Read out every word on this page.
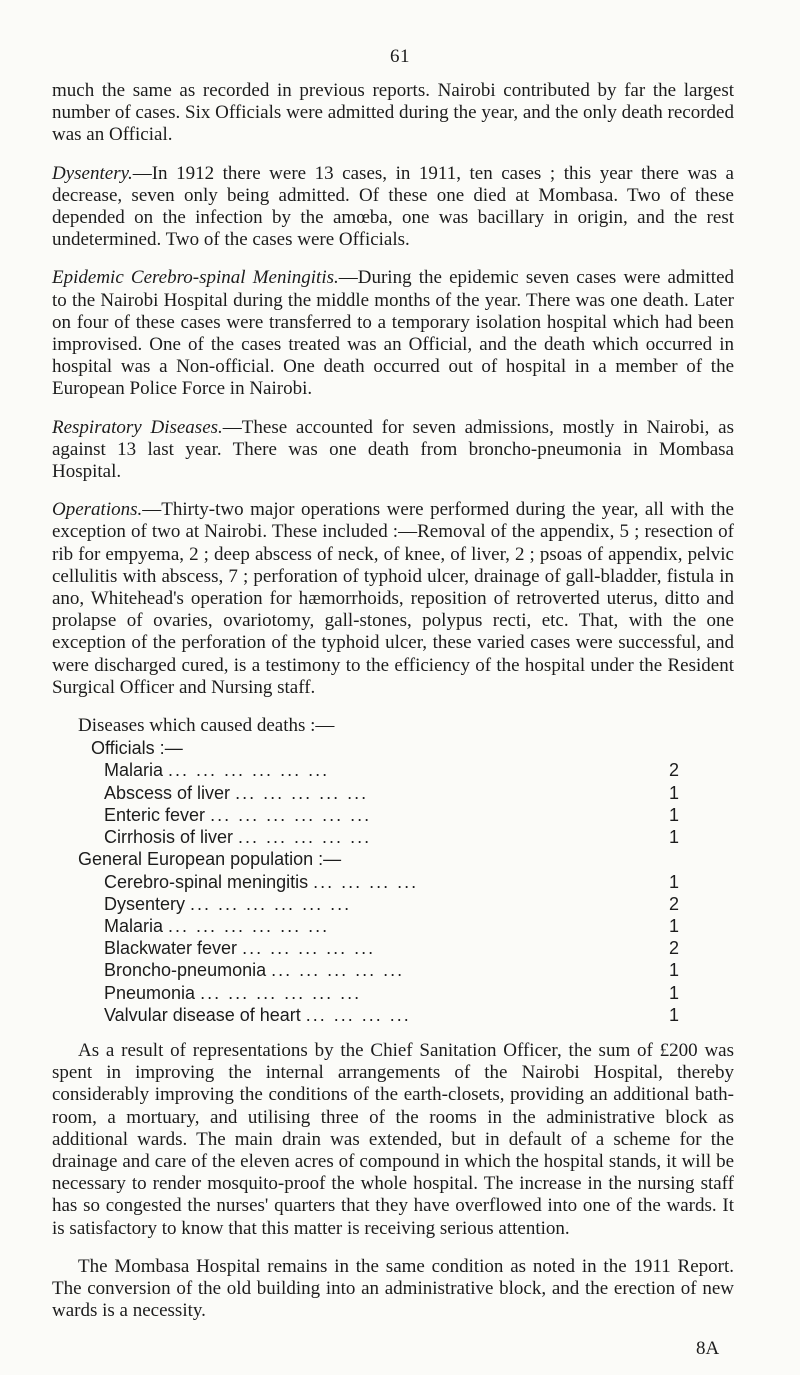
61

much the same as recorded in previous reports. Nairobi contributed by far the largest number of cases. Six Officials were admitted during the year, and the only death recorded was an Official.

Dysentery.—In 1912 there were 13 cases, in 1911, ten cases ; this year there was a decrease, seven only being admitted. Of these one died at Mombasa. Two of these depended on the infection by the amœba, one was bacillary in origin, and the rest undetermined. Two of the cases were Officials.

Epidemic Cerebro-spinal Meningitis.—During the epidemic seven cases were admitted to the Nairobi Hospital during the middle months of the year. There was one death. Later on four of these cases were transferred to a temporary isolation hospital which had been improvised. One of the cases treated was an Official, and the death which occurred in hospital was a Non-official. One death occurred out of hospital in a member of the European Police Force in Nairobi.

Respiratory Diseases.—These accounted for seven admissions, mostly in Nairobi, as against 13 last year. There was one death from broncho-pneumonia in Mombasa Hospital.

Operations.—Thirty-two major operations were performed during the year, all with the exception of two at Nairobi. These included :—Removal of the appendix, 5 ; resection of rib for empyema, 2 ; deep abscess of neck, of knee, of liver, 2 ; psoas of appendix, pelvic cellulitis with abscess, 7 ; perforation of typhoid ulcer, drainage of gall-bladder, fistula in ano, Whitehead's operation for hæmorrhoids, reposition of retroverted uterus, ditto and prolapse of ovaries, ovariotomy, gall-stones, polypus recti, etc. That, with the one exception of the perforation of the typhoid ulcer, these varied cases were successful, and were discharged cured, is a testimony to the efficiency of the hospital under the Resident Surgical Officer and Nursing staff.

Diseases which caused deaths :—
Officials :—	
Malaria ... ... ... ... ... ...	2
Abscess of liver ... ... ... ... ...	1
Enteric fever ... ... ... ... ... ...	1
Cirrhosis of liver ... ... ... ... ...	1
General European population :—	
Cerebro-spinal meningitis ... ... ... ...	1
Dysentery ... ... ... ... ... ...	2
Malaria ... ... ... ... ... ...	1
Blackwater fever ... ... ... ... ...	2
Broncho-pneumonia ... ... ... ... ...	1
Pneumonia ... ... ... ... ... ...	1
Valvular disease of heart ... ... ... ...	1

As a result of representations by the Chief Sanitation Officer, the sum of £200 was spent in improving the internal arrangements of the Nairobi Hospital, thereby considerably improving the conditions of the earth-closets, providing an additional bath-room, a mortuary, and utilising three of the rooms in the administrative block as additional wards. The main drain was extended, but in default of a scheme for the drainage and care of the eleven acres of compound in which the hospital stands, it will be necessary to render mosquito-proof the whole hospital. The increase in the nursing staff has so congested the nurses' quarters that they have overflowed into one of the wards. It is satisfactory to know that this matter is receiving serious attention.

The Mombasa Hospital remains in the same condition as noted in the 1911 Report. The conversion of the old building into an administrative block, and the erection of new wards is a necessity.

8A
